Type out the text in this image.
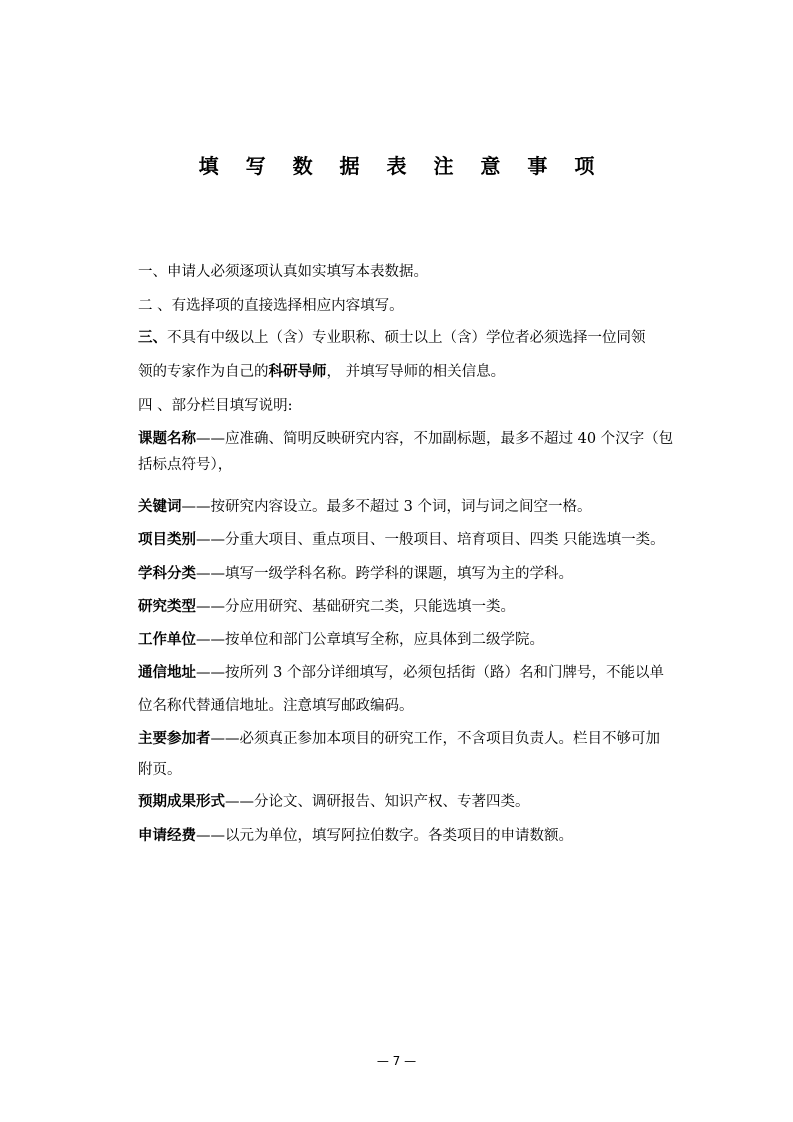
填 写 数 据 表 注 意 事 项
一、申请人必须逐项认真如实填写本表数据。
二 、有选择项的直接选择相应内容填写。
三、不具有中级以上（含）专业职称、硕士以上（含）学位者必须选择一位同领
领的专家作为自己的科研导师， 并填写导师的相关信息。
四 、部分栏目填写说明:
课题名称——应准确、简明反映研究内容，不加副标题，最多不超过 40 个汉字（包
括标点符号），
关键词——按研究内容设立。最多不超过 3 个词，词与词之间空一格。
项目类别——分重大项目、重点项目、一般项目、培育项目、四类 只能选填一类。
学科分类——填写一级学科名称。跨学科的课题，填写为主的学科。
研究类型——分应用研究、基础研究二类，只能选填一类。
工作单位——按单位和部门公章填写全称，应具体到二级学院。
通信地址——按所列 3 个部分详细填写，必须包括街（路）名和门牌号，不能以单
位名称代替通信地址。注意填写邮政编码。
主要参加者——必须真正参加本项目的研究工作，不含项目负责人。栏目不够可加
附页。
预期成果形式——分论文、调研报告、知识产权、专著四类。
申请经费——以元为单位，填写阿拉伯数字。各类项目的申请数额。
— 7 —
